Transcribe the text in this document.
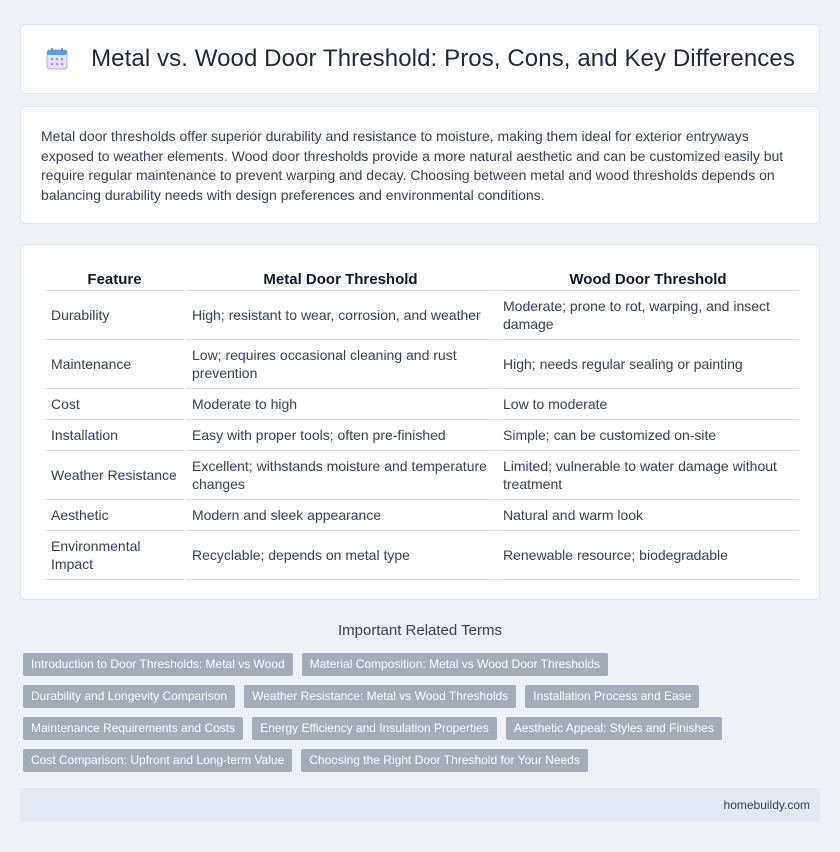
Metal vs. Wood Door Threshold: Pros, Cons, and Key Differences

Metal door thresholds offer superior durability and resistance to moisture, making them ideal for exterior entryways exposed to weather elements. Wood door thresholds provide a more natural aesthetic and can be customized easily but require regular maintenance to prevent warping and decay. Choosing between metal and wood thresholds depends on balancing durability needs with design preferences and environmental conditions.

Feature	Metal Door Threshold	Wood Door Threshold
Durability	High; resistant to wear, corrosion, and weather	Moderate; prone to rot, warping, and insect damage
Maintenance	Low; requires occasional cleaning and rust prevention	High; needs regular sealing or painting
Cost	Moderate to high	Low to moderate
Installation	Easy with proper tools; often pre-finished	Simple; can be customized on-site
Weather Resistance	Excellent; withstands moisture and temperature changes	Limited; vulnerable to water damage without treatment
Aesthetic	Modern and sleek appearance	Natural and warm look
Environmental Impact	Recyclable; depends on metal type	Renewable resource; biodegradable
Important Related Terms
Introduction to Door Thresholds: Metal vs Wood	Material Composition: Metal vs Wood Door Thresholds
Durability and Longevity Comparison	Weather Resistance: Metal vs Wood Thresholds	Installation Process and Ease
Maintenance Requirements and Costs	Energy Efficiency and Insulation Properties	Aesthetic Appeal: Styles and Finishes
Cost Comparison: Upfront and Long-term Value	Choosing the Right Door Threshold for Your Needs
homebuildy.com
